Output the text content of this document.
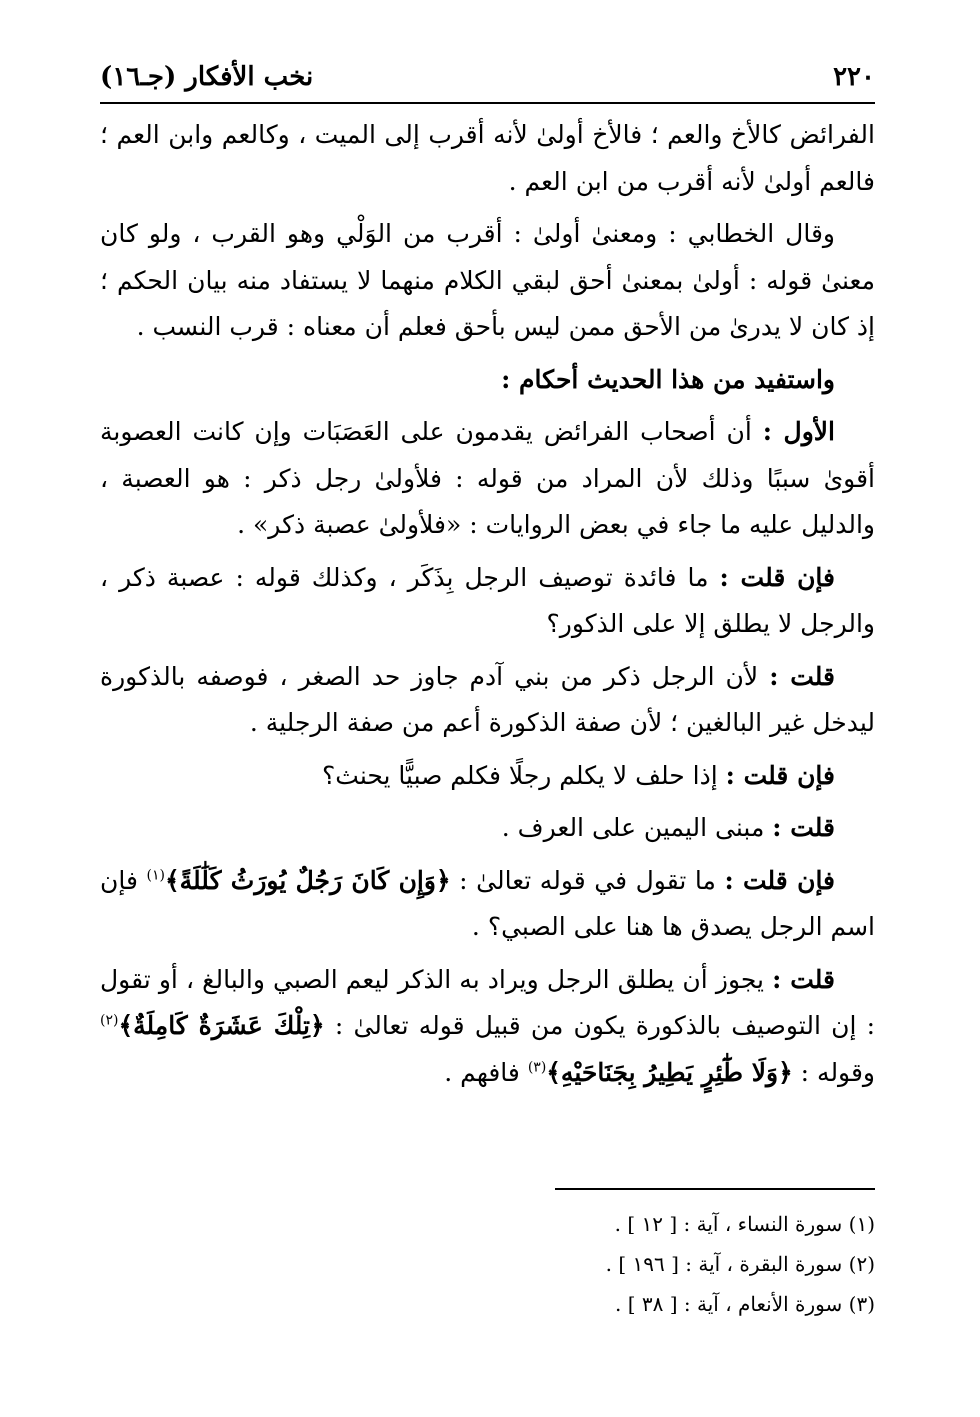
٢٢٠
نخب الأفكار (جـ١٦)

الفرائض كالأخ والعم ؛ فالأخ أولىٰ لأنه أقرب إلى الميت ، وكالعم وابن العم ؛ فالعم أولىٰ لأنه أقرب من ابن العم .

وقال الخطابي : ومعنىٰ أولىٰ : أقرب من الوَلْي وهو القرب ، ولو كان معنىٰ قوله : أولىٰ بمعنىٰ أحق لبقي الكلام منهما لا يستفاد منه بيان الحكم ؛ إذ كان لا يدرىٰ من الأحق ممن ليس بأحق فعلم أن معناه : قرب النسب .

واستفيد من هذا الحديث أحكام :

الأول : أن أصحاب الفرائض يقدمون على العَصَبَات وإن كانت العصوبة أقوىٰ سببًا وذلك لأن المراد من قوله : فلأولىٰ رجل ذكر : هو العصبة ، والدليل عليه ما جاء في بعض الروايات : «فلأولىٰ عصبة ذكر» .

فإن قلت : ما فائدة توصيف الرجل بِذَكَر ، وكذلك قوله : عصبة ذكر ، والرجل لا يطلق إلا على الذكور؟

قلت : لأن الرجل ذكر من بني آدم جاوز حد الصغر ، فوصفه بالذكورة ليدخل غير البالغين ؛ لأن صفة الذكورة أعم من صفة الرجلية .

فإن قلت : إذا حلف لا يكلم رجلًا فكلم صبيًّا يحنث؟

قلت : مبنى اليمين على العرف .

فإن قلت : ما تقول في قوله تعالىٰ : ﴿وَإِن كَانَ رَجُلٌ يُورَثُ كَلَٰلَةً﴾$^{(١)}$ فإن اسم الرجل يصدق ها هنا على الصبي؟ .

قلت : يجوز أن يطلق الرجل ويراد به الذكر ليعم الصبي والبالغ ، أو تقول : إن التوصيف بالذكورة يكون من قبيل قوله تعالىٰ : ﴿تِلْكَ عَشَرَةٌ كَامِلَةٌ﴾$^{(٢)}$ وقوله : ﴿وَلَا طَٰٓئِرٍ يَطِيرُ بِجَنَاحَيْهِ﴾$^{(٣)}$ فافهم .

(١) سورة النساء ، آية : [ ١٢ ] .

(٢) سورة البقرة ، آية : [ ١٩٦ ] .

(٣) سورة الأنعام ، آية : [ ٣٨ ] .
